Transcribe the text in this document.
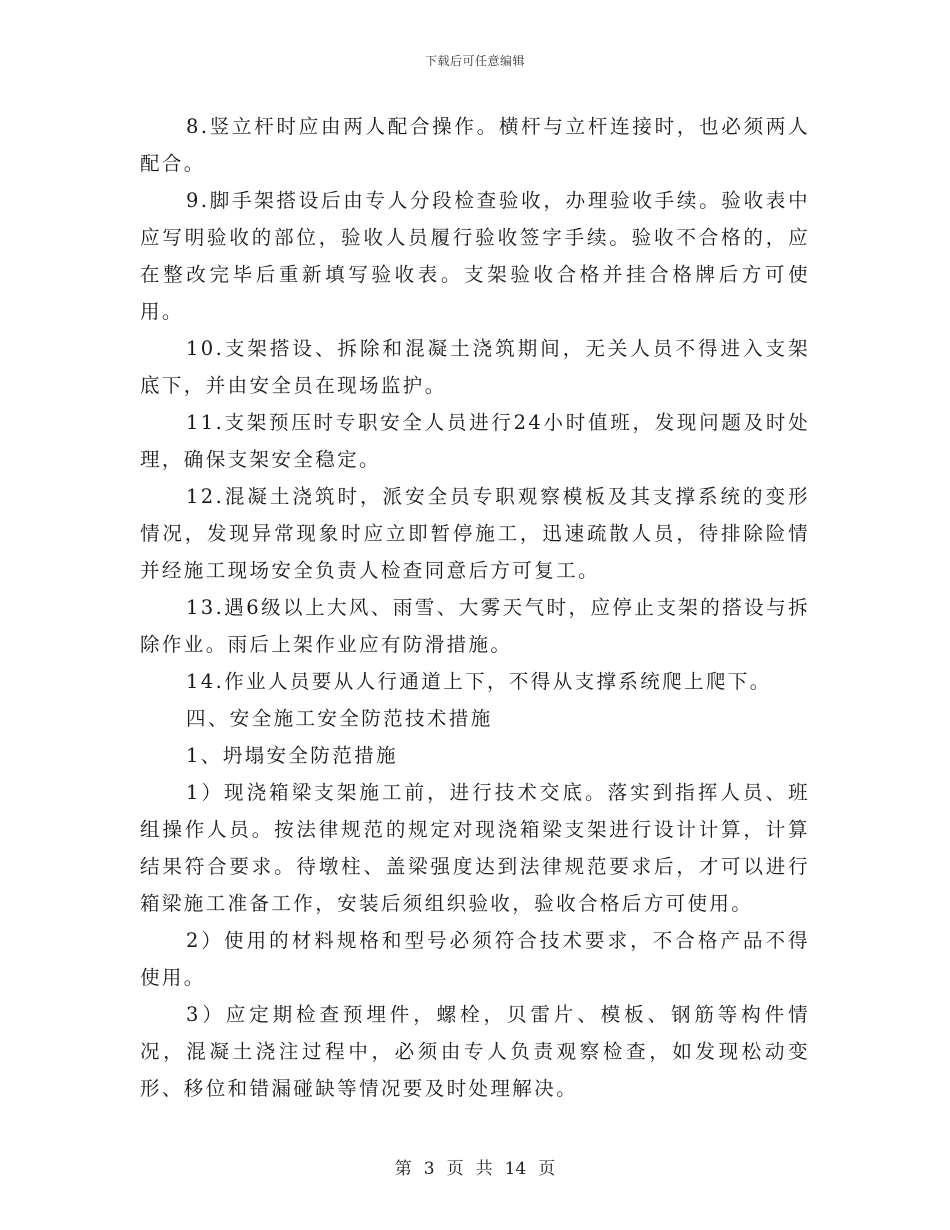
下载后可任意编辑

8.竖立杆时应由两人配合操作。横杆与立杆连接时，也必须两人配合。

9.脚手架搭设后由专人分段检查验收，办理验收手续。验收表中应写明验收的部位，验收人员履行验收签字手续。验收不合格的，应在整改完毕后重新填写验收表。支架验收合格并挂合格牌后方可使用。

10.支架搭设、拆除和混凝土浇筑期间，无关人员不得进入支架底下，并由安全员在现场监护。

11.支架预压时专职安全人员进行24小时值班，发现问题及时处理，确保支架安全稳定。

12.混凝土浇筑时，派安全员专职观察模板及其支撑系统的变形情况，发现异常现象时应立即暂停施工，迅速疏散人员，待排除险情并经施工现场安全负责人检查同意后方可复工。

13.遇6级以上大风、雨雪、大雾天气时，应停止支架的搭设与拆除作业。雨后上架作业应有防滑措施。

14.作业人员要从人行通道上下，不得从支撑系统爬上爬下。

四、安全施工安全防范技术措施

1、坍塌安全防范措施

1）现浇箱梁支架施工前，进行技术交底。落实到指挥人员、班组操作人员。按法律规范的规定对现浇箱梁支架进行设计计算，计算结果符合要求。待墩柱、盖梁强度达到法律规范要求后，才可以进行箱梁施工准备工作，安装后须组织验收，验收合格后方可使用。

2）使用的材料规格和型号必须符合技术要求，不合格产品不得使用。

3）应定期检查预埋件，螺栓，贝雷片、模板、钢筋等构件情况，混凝土浇注过程中，必须由专人负责观察检查，如发现松动变形、移位和错漏碰缺等情况要及时处理解决。

第 3 页 共 14 页
